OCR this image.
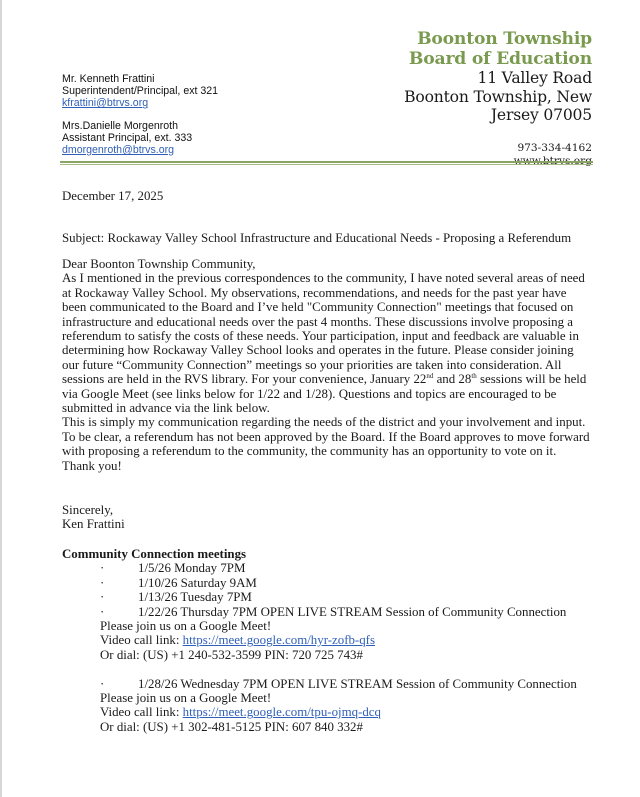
Mr. Kenneth Frattini
Superintendent/Principal, ext 321
kfrattini@btrvs.org
Mrs.Danielle Morgenroth
Assistant Principal, ext. 333
dmorgenroth@btrvs.org
Boonton Township
Board of Education
11 Valley Road
Boonton Township, New
Jersey 07005
973-334-4162
December 17, 2025
Subject: Rockaway Valley School Infrastructure and Educational Needs - Proposing a Referendum

Dear Boonton Township Community,

As I mentioned in the previous correspondences to the community, I have noted several areas of need at Rockaway Valley School. My observations, recommendations, and needs for the past year have been communicated to the Board and I’ve held "Community Connection" meetings that focused on infrastructure and educational needs over the past 4 months. These discussions involve proposing a referendum to satisfy the costs of these needs. Your participation, input and feedback are valuable in determining how Rockaway Valley School looks and operates in the future. Please consider joining our future “Community Connection” meetings so your priorities are taken into consideration. All sessions are held in the RVS library. For your convenience, January 22nd and 28th sessions will be held via Google Meet (see links below for 1/22 and 1/28). Questions and topics are encouraged to be submitted in advance via the link below.

This is simply my communication regarding the needs of the district and your involvement and input. To be clear, a referendum has not been approved by the Board. If the Board approves to move forward with proposing a referendum to the community, the community has an opportunity to vote on it. Thank you!

Sincerely,

Ken Frattini

Community Connection meetings

·	1/5/26 Monday 7PM
·	1/10/26 Saturday 9AM
·	1/13/26 Tuesday 7PM
·	1/22/26 Thursday 7PM OPEN LIVE STREAM Session of Community Connection
Please join us on a Google Meet!
Video call link: https://meet.google.com/hyr-zofb-qfs
Or dial: (US) +1 240-532-3599 PIN: 720 725 743#
·	1/28/26 Wednesday 7PM OPEN LIVE STREAM Session of Community Connection
Please join us on a Google Meet!
Video call link: https://meet.google.com/tpu-ojmq-dcq
Or dial: (US) +1 302-481-5125 PIN: 607 840 332#
